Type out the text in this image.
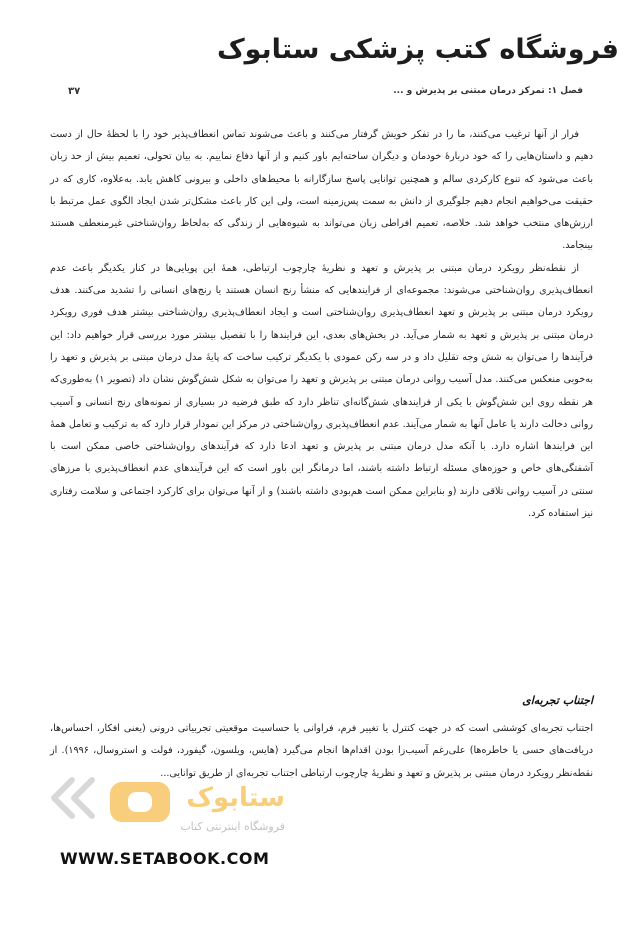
فروشگاه کتب پزشکی ستابوک
فصل ۱: تمرکز درمان مبتنی بر پذیرش و ...
۳۷

فرار از آنها ترغیب می‌کنند، ما را در تفکر خویش گرفتار می‌کنند و باعث می‌شوند تماس انعطاف‌پذیر خود را با لحظهٔ حال از دست دهیم و داستان‌هایی را که خود دربارهٔ خودمان و دیگران ساخته‌ایم باور کنیم و از آنها دفاع نماییم. به بیان تحولی، تعمیم بیش از حد زبان باعث می‌شود که تنوع کارکردی سالم و همچنین توانایی پاسخ سازگارانه با محیط‌های داخلی و بیرونی کاهش یابد. به‌علاوه، کاری که در حقیقت می‌خواهیم انجام دهیم جلوگیری از دانش به سمت پس‌زمینه است، ولی این کار باعث مشکل‌تر شدن ایجاد الگوی عمل مرتبط با ارزش‌های منتخب خواهد شد. خلاصه، تعمیم افراطی زبان می‌تواند به شیوه‌هایی از زندگی که به‌لحاظ روان‌شناختی غیرمنعطف هستند بینجامد.

از نقطه‌نظر رویکرد درمان مبتنی بر پذیرش و تعهد و نظریهٔ چارچوب ارتباطی، همهٔ این پویایی‌ها در کنار یکدیگر باعث عدم انعطاف‌پذیری روان‌شناختی می‌شوند: مجموعه‌ای از فرایندهایی که منشأ رنج انسان هستند یا رنج‌های انسانی را تشدید می‌کنند. هدف رویکرد درمان مبتنی بر پذیرش و تعهد انعطاف‌پذیری روان‌شناختی است و ایجاد انعطاف‌پذیری روان‌شناختی بیشتر هدف فوری رویکرد درمان مبتنی بر پذیرش و تعهد به شمار می‌آید. در بخش‌های بعدی، این فرایندها را با تفصیل بیشتر مورد بررسی قرار خواهیم داد: این فرآیندها را می‌توان به شش وجه تقلیل داد و در سه رکن عمودی با یکدیگر ترکیب ساخت که پایهٔ مدل درمان مبتنی بر پذیرش و تعهد را به‌خوبی منعکس می‌کنند. مدل آسیب روانی درمان مبتنی بر پذیرش و تعهد را می‌توان به شکل شش‌گوش نشان داد (تصویر ۱) به‌طوری‌که هر نقطه روی این شش‌گوش با یکی از فرایندهای شش‌گانه‌ای تناظر دارد که طبق فرضیه در بسیاری از نمونه‌های رنج انسانی و آسیب روانی دخالت دارند یا عامل آنها به شمار می‌آیند. عدم انعطاف‌پذیری روان‌شناختی در مرکز این نمودار قرار دارد که به ترکیب و تعامل همهٔ این فرایندها اشاره دارد. با آنکه مدل درمان مبتنی بر پذیرش و تعهد ادعا دارد که فرآیندهای روان‌شناختی خاصی ممکن است با آشفتگی‌های خاص و حوزه‌های مسئله ارتباط داشته باشند، اما درمانگر این باور است که این فرآیندهای عدم انعطاف‌پذیری با مرزهای سنتی در آسیب روانی تلاقی دارند (و بنابراین ممکن است هم‌بودی داشته باشند) و از آنها می‌توان برای کارکرد اجتماعی و سلامت رفتاری نیز استفاده کرد.

اجتناب تجربه‌ای

اجتناب تجربه‌ای کوششی است که در جهت کنترل یا تغییر فرم، فراوانی یا حساسیت موقعیتی تجربیاتی درونی (یعنی افکار، احساس‌ها، دریافت‌های حسی یا خاطره‌ها) علی‌رغم آسیب‌زا بودن اقدام‌ها انجام می‌گیرد (هایس، ویلسون، گیفورد، فولت و استروسال، ۱۹۹۶). از نقطه‌نظر رویکرد درمان مبتنی بر پذیرش و تعهد و نظریهٔ چارچوب ارتباطی اجتناب تجربه‌ای از طریق توانایی...

ستابوک
فروشگاه اینترنتی کتاب
WWW.SETABOOK.COM
